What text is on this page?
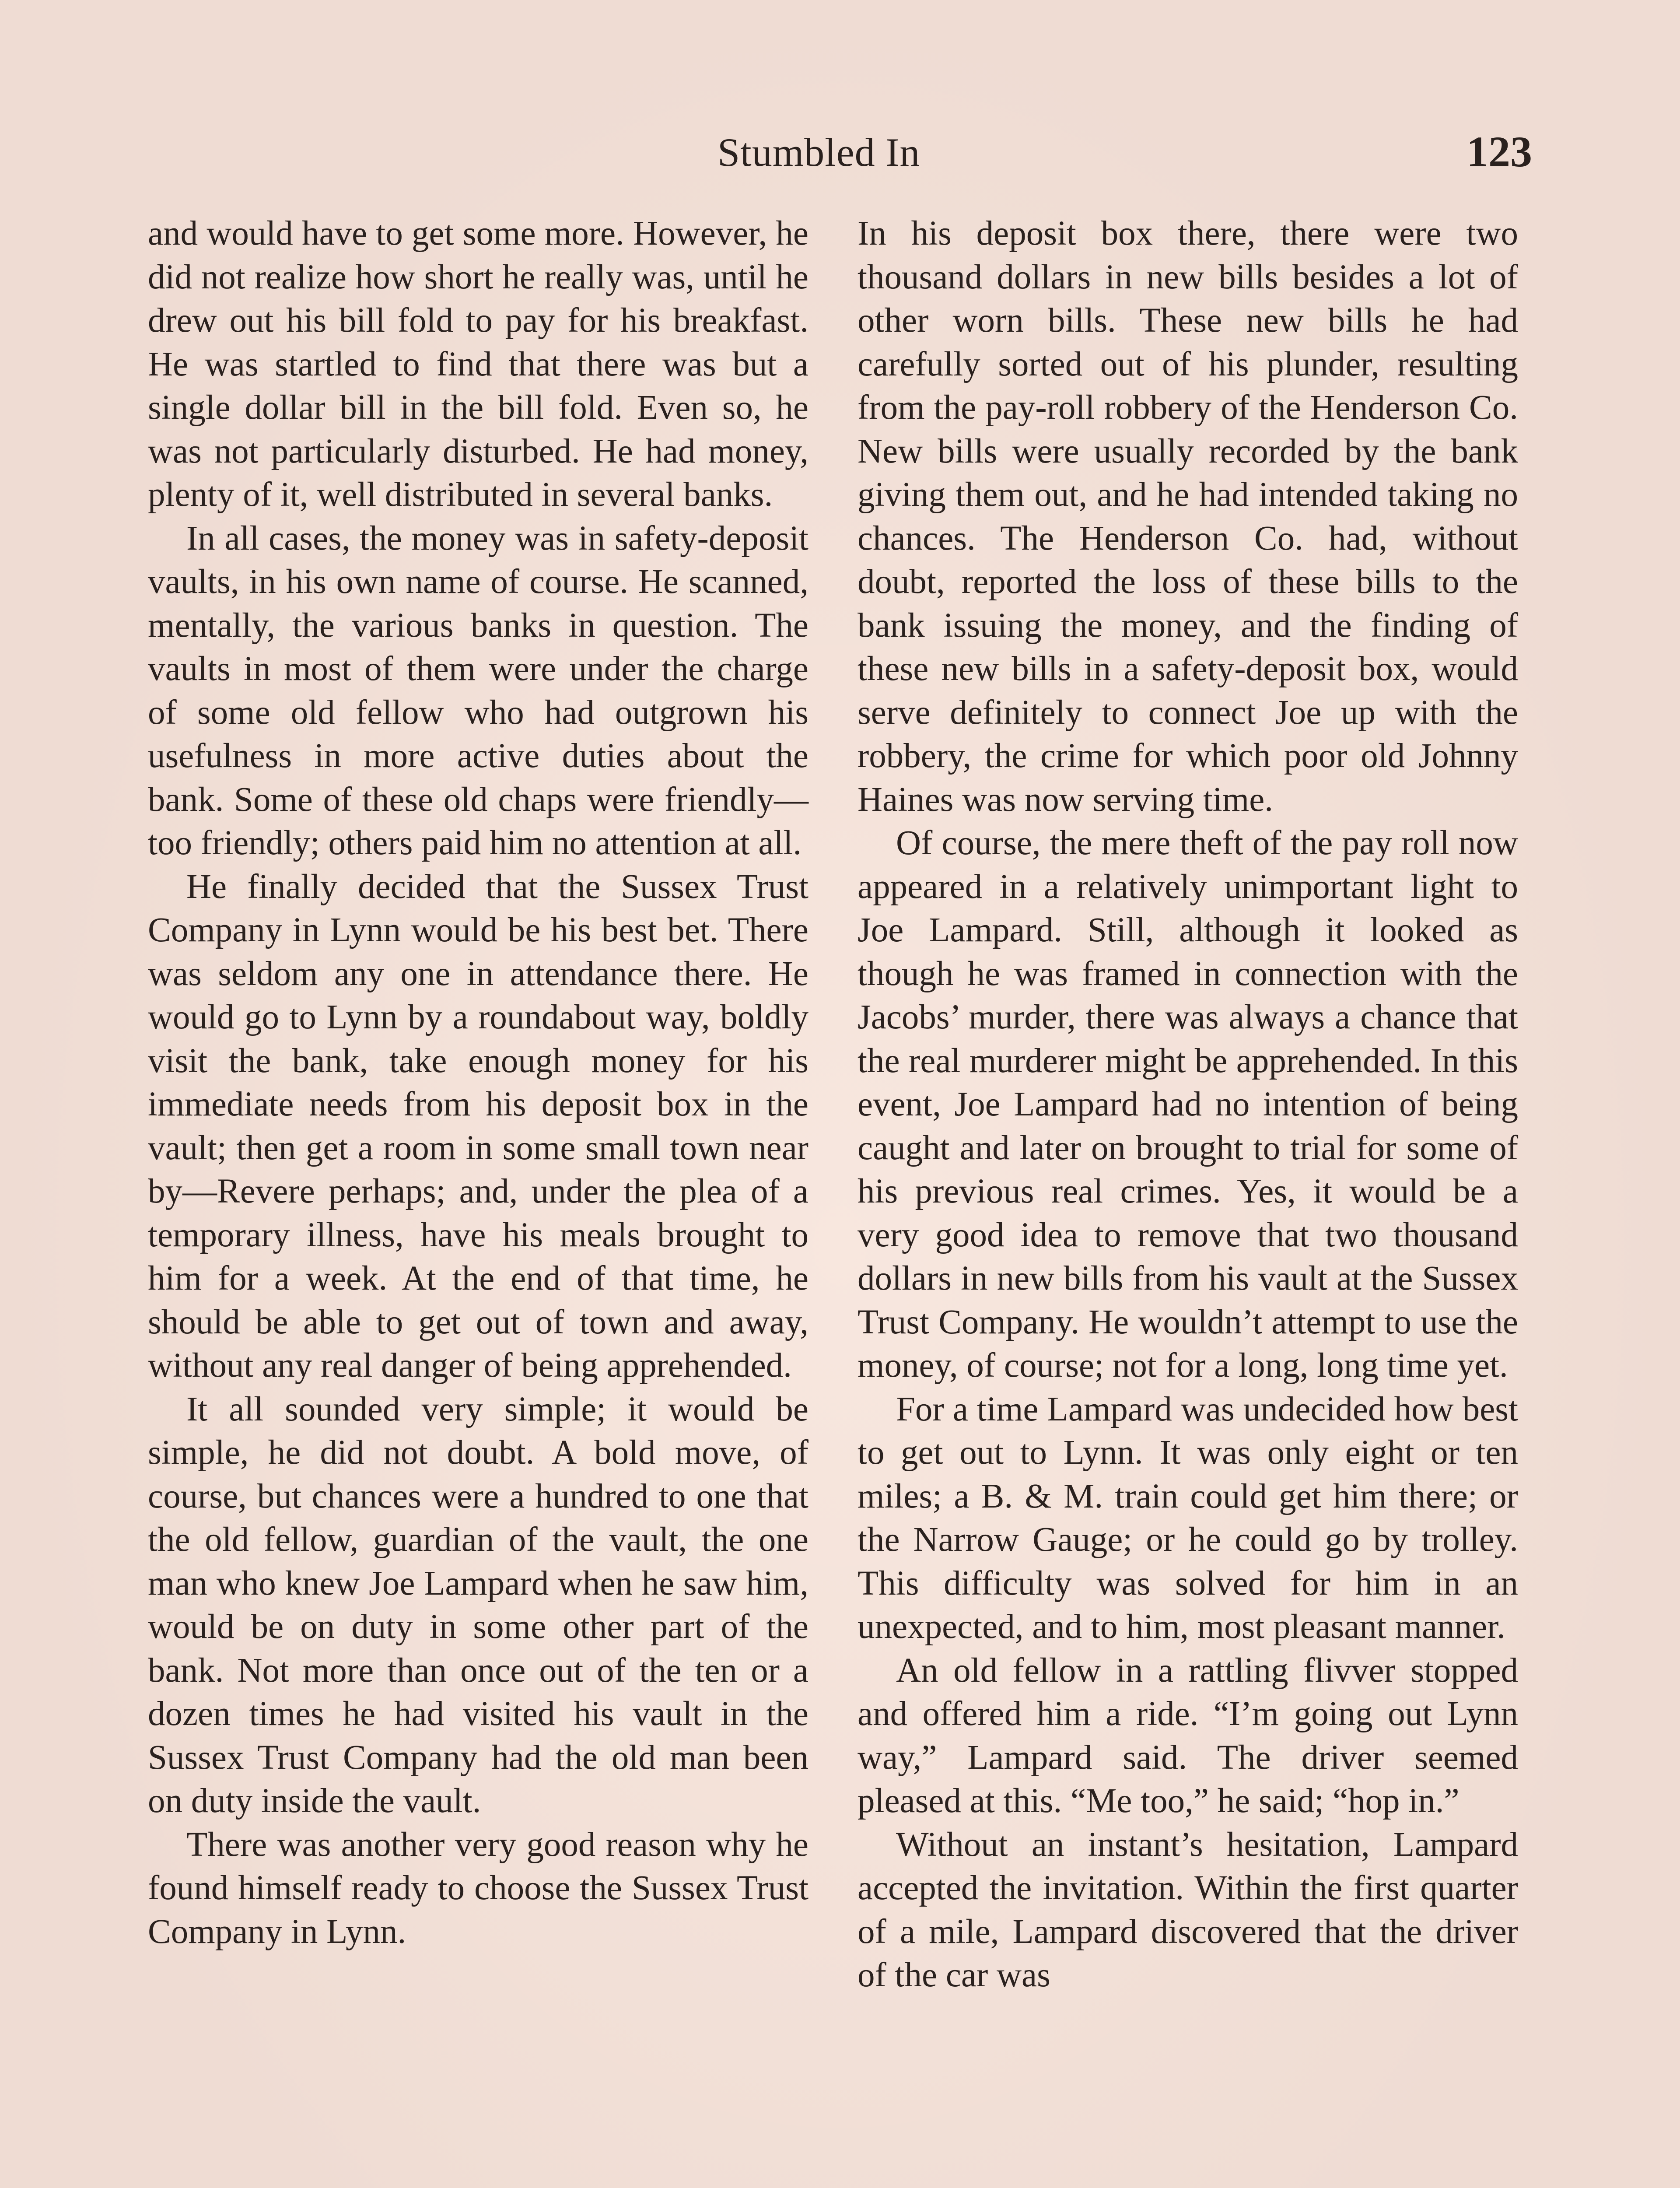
Stumbled In	123

and would have to get some more. However, he did not realize how short he really was, until he drew out his bill fold to pay for his breakfast. He was startled to find that there was but a single dollar bill in the bill fold. Even so, he was not particularly disturbed. He had money, plenty of it, well distributed in several banks.

In all cases, the money was in safety-deposit vaults, in his own name of course. He scanned, mentally, the various banks in question. The vaults in most of them were under the charge of some old fellow who had outgrown his usefulness in more active duties about the bank. Some of these old chaps were friendly—too friendly; others paid him no attention at all.

He finally decided that the Sussex Trust Company in Lynn would be his best bet. There was seldom any one in attendance there. He would go to Lynn by a roundabout way, boldly visit the bank, take enough money for his immediate needs from his deposit box in the vault; then get a room in some small town near by—Revere perhaps; and, under the plea of a temporary illness, have his meals brought to him for a week. At the end of that time, he should be able to get out of town and away, without any real danger of being apprehended.

It all sounded very simple; it would be simple, he did not doubt. A bold move, of course, but chances were a hundred to one that the old fellow, guardian of the vault, the one man who knew Joe Lampard when he saw him, would be on duty in some other part of the bank. Not more than once out of the ten or a dozen times he had visited his vault in the Sussex Trust Company had the old man been on duty inside the vault.

There was another very good reason why he found himself ready to choose the Sussex Trust Company in Lynn.

In his deposit box there, there were two thousand dollars in new bills besides a lot of other worn bills. These new bills he had carefully sorted out of his plunder, resulting from the pay-roll robbery of the Henderson Co. New bills were usually recorded by the bank giving them out, and he had intended taking no chances. The Henderson Co. had, without doubt, reported the loss of these bills to the bank issuing the money, and the finding of these new bills in a safety-deposit box, would serve definitely to connect Joe up with the robbery, the crime for which poor old Johnny Haines was now serving time.

Of course, the mere theft of the pay roll now appeared in a relatively unimportant light to Joe Lampard. Still, although it looked as though he was framed in connection with the Jacobs’ murder, there was always a chance that the real murderer might be apprehended. In this event, Joe Lampard had no intention of being caught and later on brought to trial for some of his previous real crimes. Yes, it would be a very good idea to remove that two thousand dollars in new bills from his vault at the Sussex Trust Company. He wouldn’t attempt to use the money, of course; not for a long, long time yet.

For a time Lampard was undecided how best to get out to Lynn. It was only eight or ten miles; a B. & M. train could get him there; or the Narrow Gauge; or he could go by trolley. This difficulty was solved for him in an unexpected, and to him, most pleasant manner.

An old fellow in a rattling flivver stopped and offered him a ride. “I’m going out Lynn way,” Lampard said. The driver seemed pleased at this. “Me too,” he said; “hop in.”

Without an instant’s hesitation, Lampard accepted the invitation. Within the first quarter of a mile, Lampard discovered that the driver of the car was
